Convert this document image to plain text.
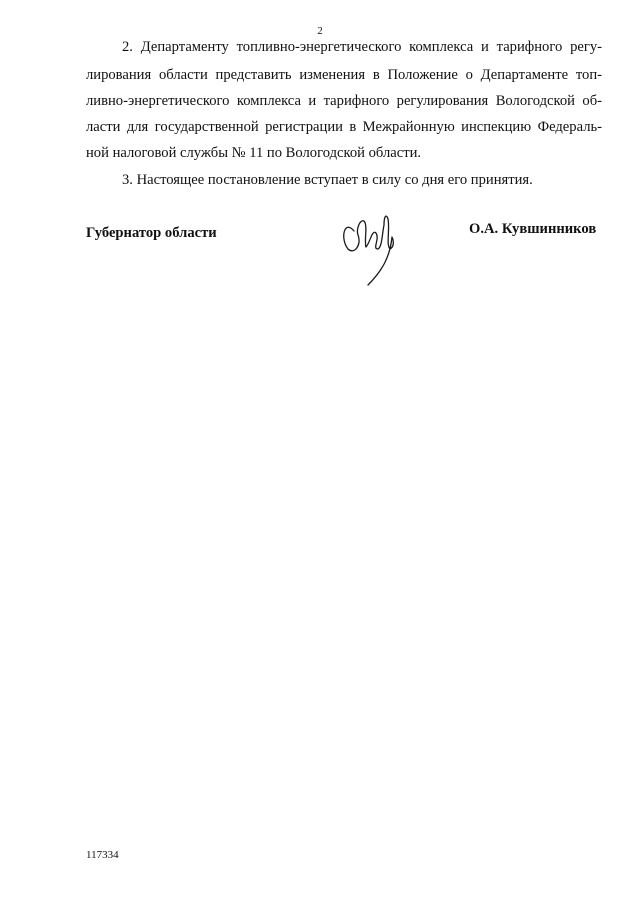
2
2. Департаменту топливно-энергетического комплекса и тарифного регу-
лирования области представить изменения в Положение о Департаменте топ-
ливно-энергетического комплекса и тарифного регулирования Вологодской об-
ласти для государственной регистрации в Межрайонную инспекцию Федераль-
ной налоговой службы № 11 по Вологодской области.
3. Настоящее постановление вступает в силу со дня его принятия.
Губернатор области	О.А. Кувшинников
117334
